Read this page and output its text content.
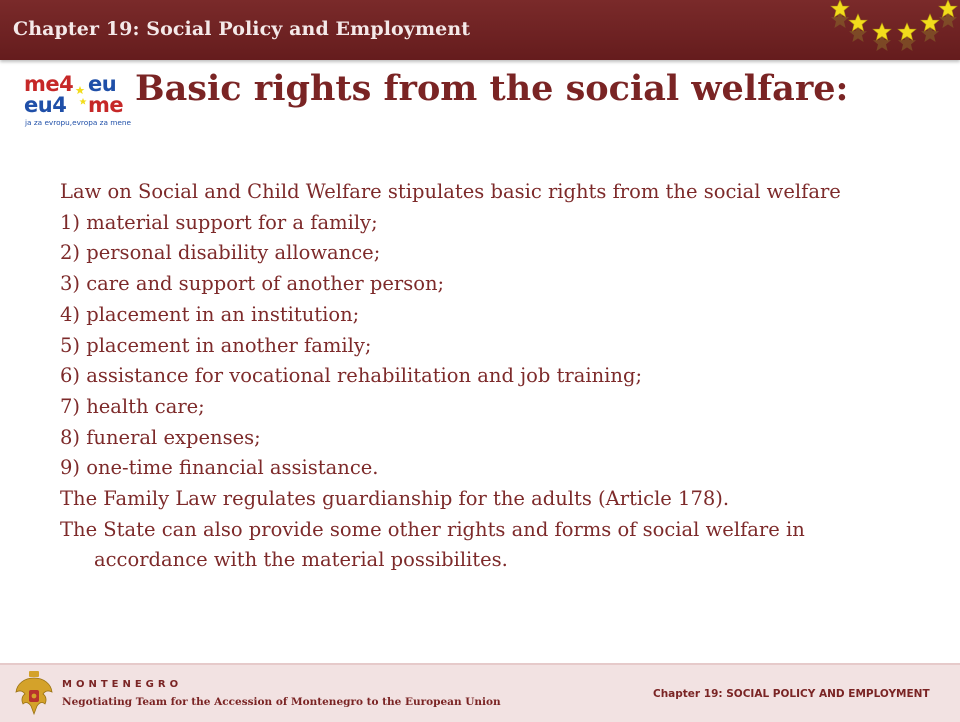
Chapter 19: Social Policy and Employment
me4 eu
eu4 me
ja za evropu,evropa za mene
Basic rights from the social welfare:

Law on Social and Child Welfare stipulates basic rights from the social welfare

1) material support for a family;

2) personal disability allowance;

3) care and support of another person;

4) placement in an institution;

5) placement in another family;

6) assistance for vocational rehabilitation and job training;

7) health care;

8) funeral expenses;

9) one-time financial assistance.

The Family Law regulates guardianship for the adults (Article 178).

The State can also provide some other rights and forms of social welfare in accordance with the material possibilites.

MONTENEGRO
Negotiating Team for the Accession of Montenegro to the European Union
Chapter 19: SOCIAL POLICY AND EMPLOYMENT
